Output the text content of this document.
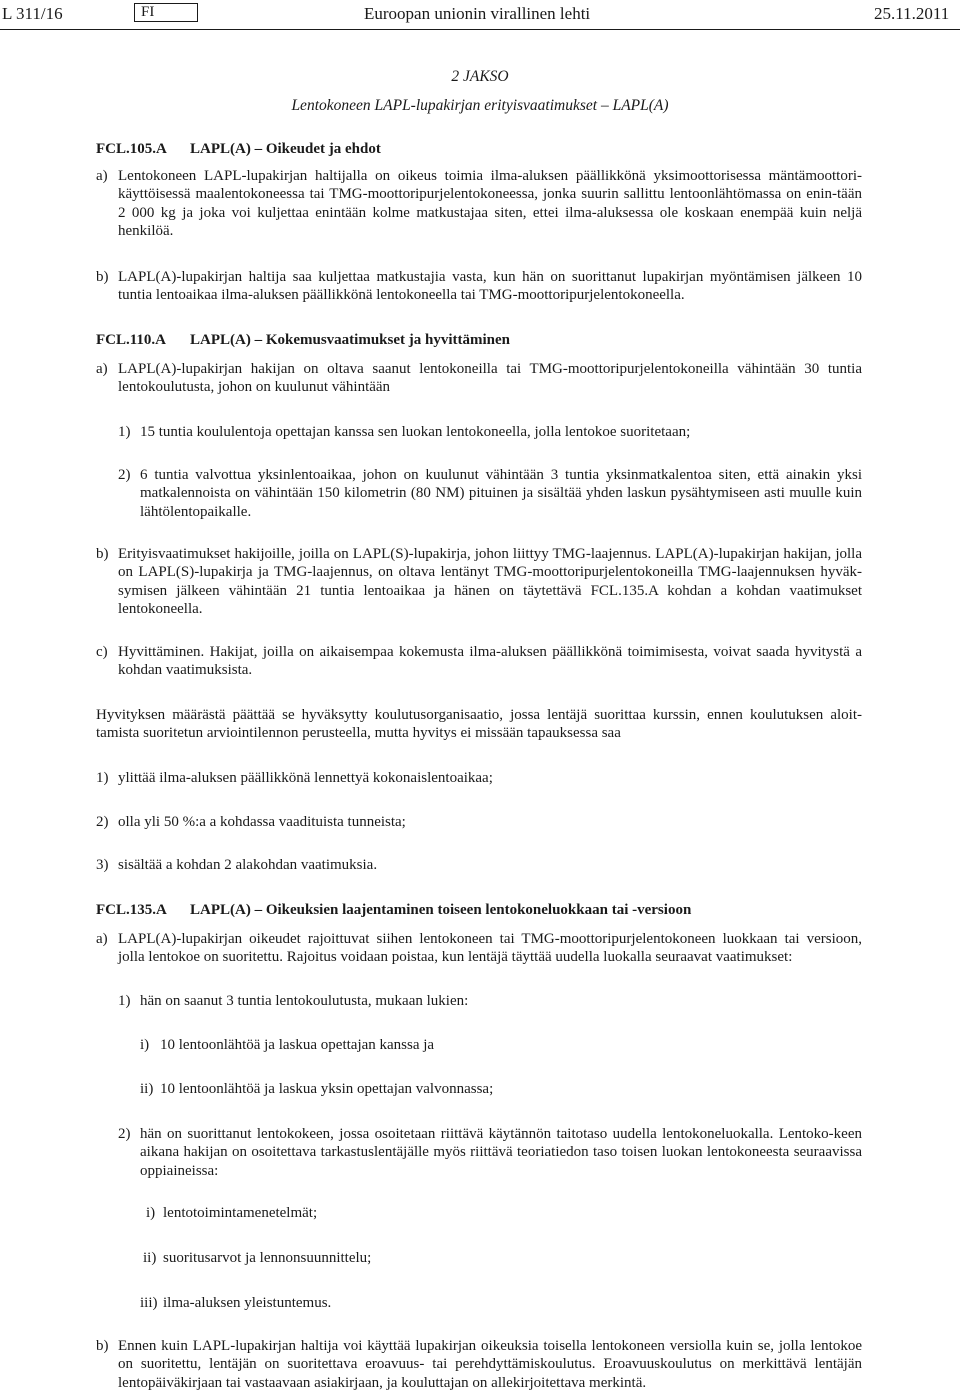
L 311/16	FI	Euroopan unionin virallinen lehti	25.11.2011
2 JAKSO
Lentokoneen LAPL-lupakirjan erityisvaatimukset – LAPL(A)
FCL.105.A LAPL(A) – Oikeudet ja ehdot
a) Lentokoneen LAPL-lupakirjan haltijalla on oikeus toimia ilma-aluksen päällikkönä yksimoottorisessa mäntämoottori-käyttöisessä maalentokoneessa tai TMG-moottoripurjelentokoneessa, jonka suurin sallittu lentoonlähtömassa on enin-tään 2 000 kg ja joka voi kuljettaa enintään kolme matkustajaa siten, ettei ilma-aluksessa ole koskaan enempää kuin neljä henkilöä.
b) LAPL(A)-lupakirjan haltija saa kuljettaa matkustajia vasta, kun hän on suorittanut lupakirjan myöntämisen jälkeen 10 tuntia lentoaikaa ilma-aluksen päällikkönä lentokoneella tai TMG-moottoripurjelentokoneella.
FCL.110.A LAPL(A) – Kokemusvaatimukset ja hyvittäminen
a) LAPL(A)-lupakirjan hakijan on oltava saanut lentokoneilla tai TMG-moottoripurjelentokoneilla vähintään 30 tuntia lentokoulutusta, johon on kuulunut vähintään
1) 15 tuntia koululentoja opettajan kanssa sen luokan lentokoneella, jolla lentokoe suoritetaan;
2) 6 tuntia valvottua yksinlentoaikaa, johon on kuulunut vähintään 3 tuntia yksinmatkalentoa siten, että ainakin yksi matkalennoista on vähintään 150 kilometrin (80 NM) pituinen ja sisältää yhden laskun pysähtymiseen asti muulle kuin lähtölentopaikalle.
b) Erityisvaatimukset hakijoille, joilla on LAPL(S)-lupakirja, johon liittyy TMG-laajennus. LAPL(A)-lupakirjan hakijan, jolla on LAPL(S)-lupakirja ja TMG-laajennus, on oltava lentänyt TMG-moottoripurjelentokoneilla TMG-laajennuksen hyväk-symisen jälkeen vähintään 21 tuntia lentoaikaa ja hänen on täytettävä FCL.135.A kohdan a kohdan vaatimukset lentokoneella.
c) Hyvittäminen. Hakijat, joilla on aikaisempaa kokemusta ilma-aluksen päällikkönä toimimisesta, voivat saada hyvitystä a kohdan vaatimuksista.
Hyvityksen määrästä päättää se hyväksytty koulutusorganisaatio, jossa lentäjä suorittaa kurssin, ennen koulutuksen aloit-tamista suoritetun arviointilennon perusteella, mutta hyvitys ei missään tapauksessa saa
1) ylittää ilma-aluksen päällikkönä lennettyä kokonaislentoaikaa;
2) olla yli 50 %:a a kohdassa vaadituista tunneista;
3) sisältää a kohdan 2 alakohdan vaatimuksia.
FCL.135.A LAPL(A) – Oikeuksien laajentaminen toiseen lentokoneluokkaan tai -versioon
a) LAPL(A)-lupakirjan oikeudet rajoittuvat siihen lentokoneen tai TMG-moottoripurjelentokoneen luokkaan tai versioon, jolla lentokoe on suoritettu. Rajoitus voidaan poistaa, kun lentäjä täyttää uudella luokalla seuraavat vaatimukset:
1) hän on saanut 3 tuntia lentokoulutusta, mukaan lukien:
i) 10 lentoonlähtöä ja laskua opettajan kanssa ja
ii) 10 lentoonlähtöä ja laskua yksin opettajan valvonnassa;
2) hän on suorittanut lentokokeen, jossa osoitetaan riittävä käytännön taitotaso uudella lentokoneluokalla. Lentoko-keen aikana hakijan on osoitettava tarkastuslentäjälle myös riittävä teoriatiedon taso toisen luokan lentokoneesta seuraavissa oppiaineissa:
i) lentotoimintamenetelmät;
ii) suoritusarvot ja lennonsuunnittelu;
iii) ilma-aluksen yleistuntemus.
b) Ennen kuin LAPL-lupakirjan haltija voi käyttää lupakirjan oikeuksia toisella lentokoneen versiolla kuin se, jolla lentokoe on suoritettu, lentäjän on suoritettava eroavuus- tai perehdyttämiskoulutus. Eroavuuskoulutus on merkittävä lentäjän lentopäiväkirjaan tai vastaavaan asiakirjaan, ja kouluttajan on allekirjoitettava merkintä.
